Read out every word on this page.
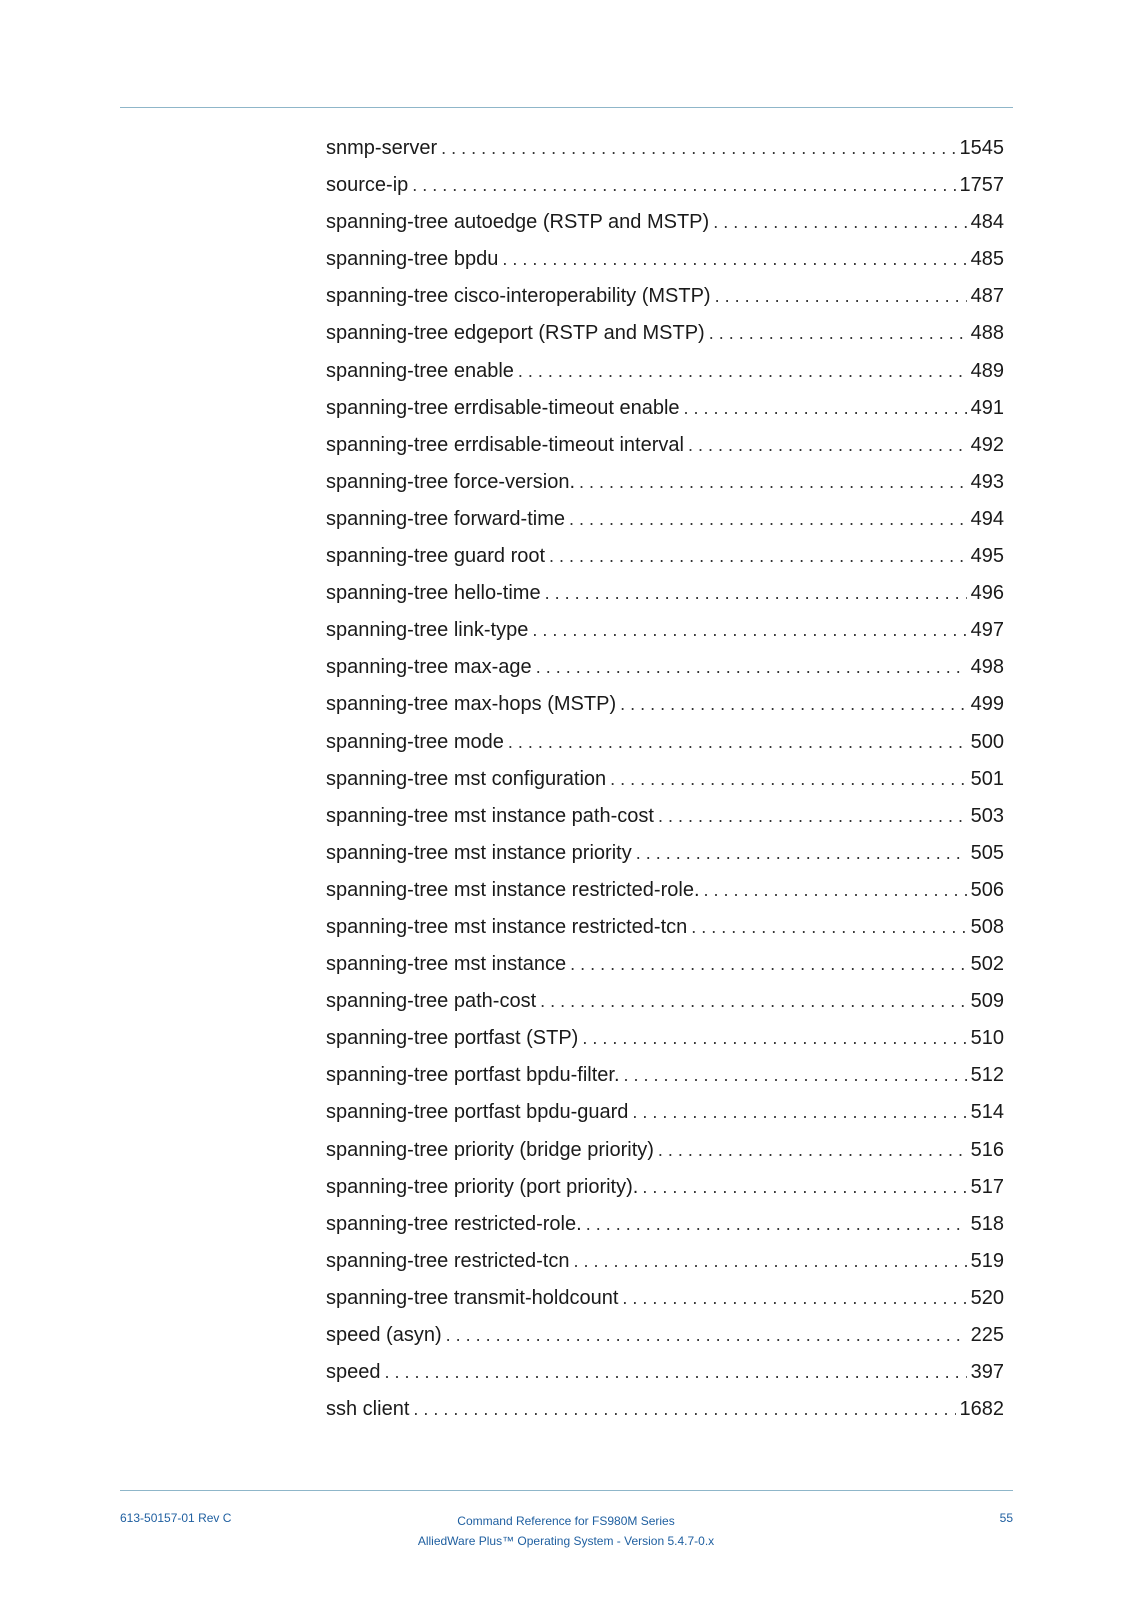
snmp-server . . .	1545
source-ip . . .	1757
spanning-tree autoedge (RSTP and MSTP) . . .	484
spanning-tree bpdu . . .	485
spanning-tree cisco-interoperability (MSTP) . . .	487
spanning-tree edgeport (RSTP and MSTP) . . .	488
spanning-tree enable . . .	489
spanning-tree errdisable-timeout enable . . .	491
spanning-tree errdisable-timeout interval . . .	492
spanning-tree force-version. . . .	493
spanning-tree forward-time . . .	494
spanning-tree guard root . . .	495
spanning-tree hello-time . . .	496
spanning-tree link-type . . .	497
spanning-tree max-age . . .	498
spanning-tree max-hops (MSTP) . . .	499
spanning-tree mode . . .	500
spanning-tree mst configuration . . .	501
spanning-tree mst instance path-cost . . .	503
spanning-tree mst instance priority . . .	505
spanning-tree mst instance restricted-role. . . .	506
spanning-tree mst instance restricted-tcn . . .	508
spanning-tree mst instance . . .	502
spanning-tree path-cost . . .	509
spanning-tree portfast (STP) . . .	510
spanning-tree portfast bpdu-filter. . . .	512
spanning-tree portfast bpdu-guard . . .	514
spanning-tree priority (bridge priority) . . .	516
spanning-tree priority (port priority). . . .	517
spanning-tree restricted-role. . . .	518
spanning-tree restricted-tcn . . .	519
spanning-tree transmit-holdcount . . .	520
speed (asyn) . . .	225
speed . . .	397
ssh client . . .	1682
613-50157-01 Rev C	Command Reference for FS980M Series
AlliedWare Plus™ Operating System - Version 5.4.7-0.x
55
